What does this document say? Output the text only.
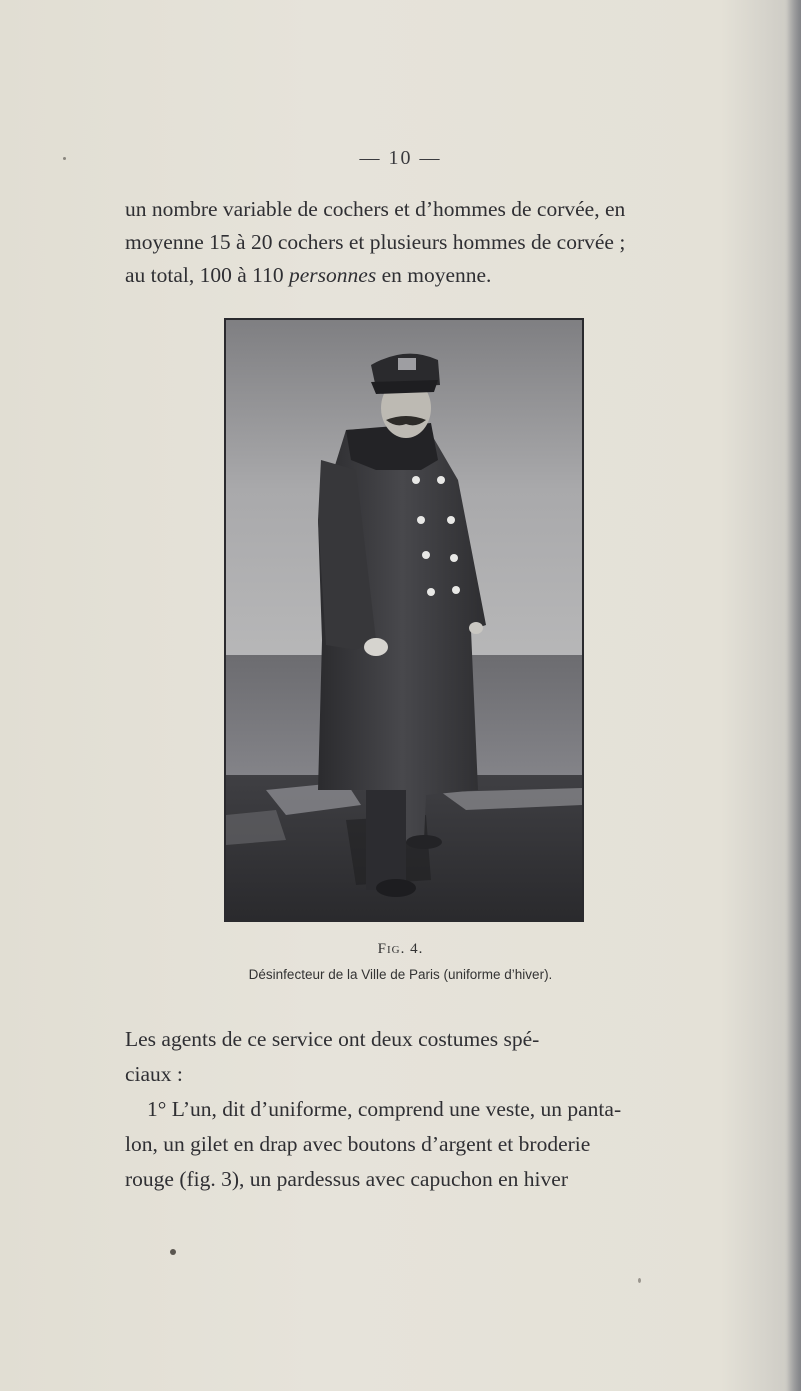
— 10 —
un nombre variable de cochers et d’hommes de corvée, en
moyenne 15 à 20 cochers et plusieurs hommes de corvée ;
au total, 100 à 110 personnes en moyenne.
Fig. 4.
Désinfecteur de la Ville de Paris (uniforme d’hiver).
Les agents de ce service ont deux costumes spé-
ciaux :
1° L’un, dit d’uniforme, comprend une veste, un panta-
lon, un gilet en drap avec boutons d’argent et broderie
rouge (fig. 3), un pardessus avec capuchon en hiver
